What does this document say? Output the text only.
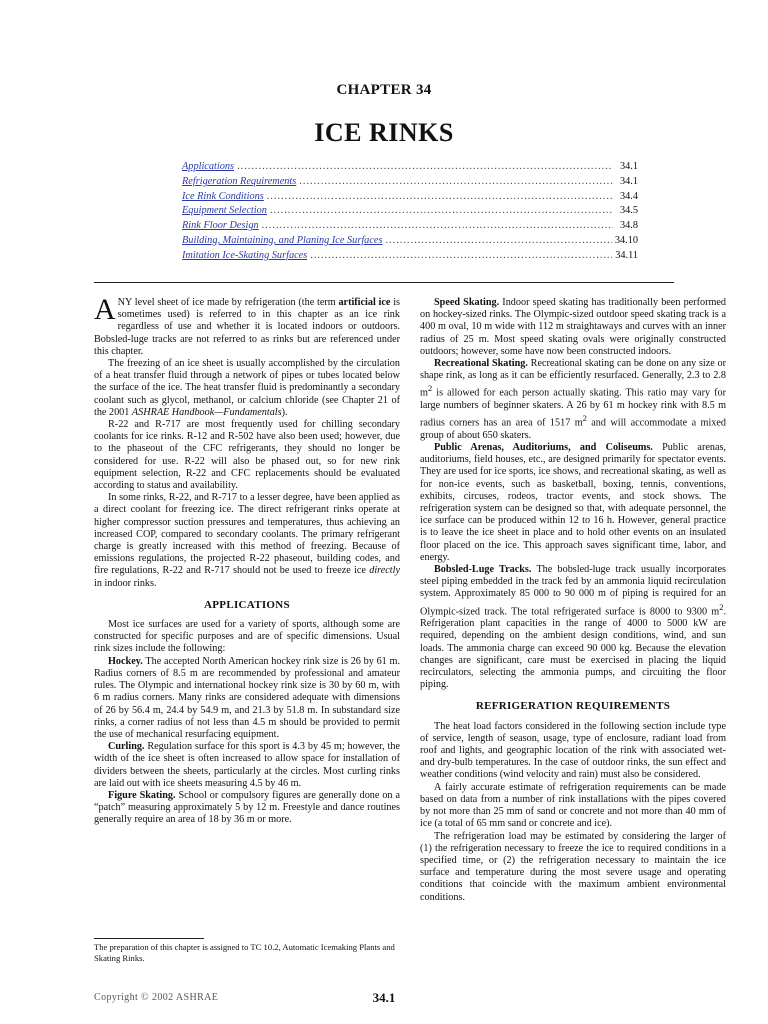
CHAPTER 34
ICE RINKS
Applications .....	34.1
Refrigeration Requirements .....	34.1
Ice Rink Conditions .....	34.4
Equipment Selection .....	34.5
Rink Floor Design .....	34.8
Building, Maintaining, and Planing Ice Surfaces .....	34.10
Imitation Ice-Skating Surfaces .....	34.11

ANY level sheet of ice made by refrigeration (the term artificial ice is sometimes used) is referred to in this chapter as an ice rink regardless of use and whether it is located indoors or outdoors. Bobsled-luge tracks are not referred to as rinks but are referenced under this chapter.

The freezing of an ice sheet is usually accomplished by the circulation of a heat transfer fluid through a network of pipes or tubes located below the surface of the ice. The heat transfer fluid is predominantly a secondary coolant such as glycol, methanol, or calcium chloride (see Chapter 21 of the 2001 ASHRAE Handbook—Fundamentals).

R-22 and R-717 are most frequently used for chilling secondary coolants for ice rinks. R-12 and R-502 have also been used; however, due to the phaseout of the CFC refrigerants, they should no longer be considered for use. R-22 will also be phased out, so for new rink equipment selection, R-22 and CFC replacements should be evaluated according to status and availability.

In some rinks, R-22, and R-717 to a lesser degree, have been applied as a direct coolant for freezing ice. The direct refrigerant rinks operate at higher compressor suction pressures and temperatures, thus achieving an increased COP, compared to secondary coolants. The primary refrigerant charge is greatly increased with this method of freezing. Because of emissions regulations, the projected R-22 phaseout, building codes, and fire regulations, R-22 and R-717 should not be used to freeze ice directly in indoor rinks.

APPLICATIONS

Most ice surfaces are used for a variety of sports, although some are constructed for specific purposes and are of specific dimensions. Usual rink sizes include the following:

Hockey. The accepted North American hockey rink size is 26 by 61 m. Radius corners of 8.5 m are recommended by professional and amateur rules. The Olympic and international hockey rink size is 30 by 60 m, with 6 m radius corners. Many rinks are considered adequate with dimensions of 26 by 56.4 m, 24.4 by 54.9 m, and 21.3 by 51.8 m. In substandard size rinks, a corner radius of not less than 4.5 m should be provided to permit the use of mechanical resurfacing equipment.

Curling. Regulation surface for this sport is 4.3 by 45 m; however, the width of the ice sheet is often increased to allow space for installation of dividers between the sheets, particularly at the circles. Most curling rinks are laid out with ice sheets measuring 4.5 by 46 m.

Figure Skating. School or compulsory figures are generally done on a “patch” measuring approximately 5 by 12 m. Freestyle and dance routines generally require an area of 18 by 36 m or more.

Speed Skating. Indoor speed skating has traditionally been performed on hockey-sized rinks. The Olympic-sized outdoor speed skating track is a 400 m oval, 10 m wide with 112 m straightaways and curves with an inner radius of 25 m. Most speed skating ovals were originally constructed outdoors; however, some have now been constructed indoors.

Recreational Skating. Recreational skating can be done on any size or shape rink, as long as it can be efficiently resurfaced. Generally, 2.3 to 2.8 $m^2$ is allowed for each person actually skating. This ratio may vary for large numbers of beginner skaters. A 26 by 61 m hockey rink with 8.5 m radius corners has an area of 1517 $m^2$ and will accommodate a mixed group of about 650 skaters.

Public Arenas, Auditoriums, and Coliseums. Public arenas, auditoriums, field houses, etc., are designed primarily for spectator events. They are used for ice sports, ice shows, and recreational skating, as well as for non-ice events, such as basketball, boxing, tennis, conventions, exhibits, circuses, rodeos, tractor events, and stock shows. The refrigeration system can be designed so that, with adequate personnel, the ice surface can be produced within 12 to 16 h. However, general practice is to leave the ice sheet in place and to hold other events on an insulated floor placed on the ice. This approach saves significant time, labor, and energy.

Bobsled-Luge Tracks. The bobsled-luge track usually incorporates steel piping embedded in the track fed by an ammonia liquid recirculation system. Approximately 85 000 to 90 000 m of piping is required for an Olympic-sized track. The total refrigerated surface is 8000 to 9300 $m^2$. Refrigeration plant capacities in the range of 4000 to 5000 kW are required, depending on the ambient design conditions, wind, and sun loads. The ammonia charge can exceed 90 000 kg. Because the elevation changes are significant, care must be exercised in placing the liquid recirculators, selecting the ammonia pumps, and circuiting the floor piping.

REFRIGERATION REQUIREMENTS

The heat load factors considered in the following section include type of service, length of season, usage, type of enclosure, radiant load from roof and lights, and geographic location of the rink with associated wet- and dry-bulb temperatures. In the case of outdoor rinks, the sun effect and weather conditions (wind velocity and rain) must also be considered.

A fairly accurate estimate of refrigeration requirements can be made based on data from a number of rink installations with the pipes covered by not more than 25 mm of sand or concrete and not more than 40 mm of ice (a total of 65 mm sand or concrete and ice).

The refrigeration load may be estimated by considering the larger of (1) the refrigeration necessary to freeze the ice to required conditions in a specified time, or (2) the refrigeration necessary to maintain the ice surface and temperature during the most severe usage and operating conditions that coincide with the maximum ambient environmental conditions.

The preparation of this chapter is assigned to TC 10.2, Automatic Icemaking Plants and Skating Rinks.
Copyright © 2002 ASHRAE	34.1
